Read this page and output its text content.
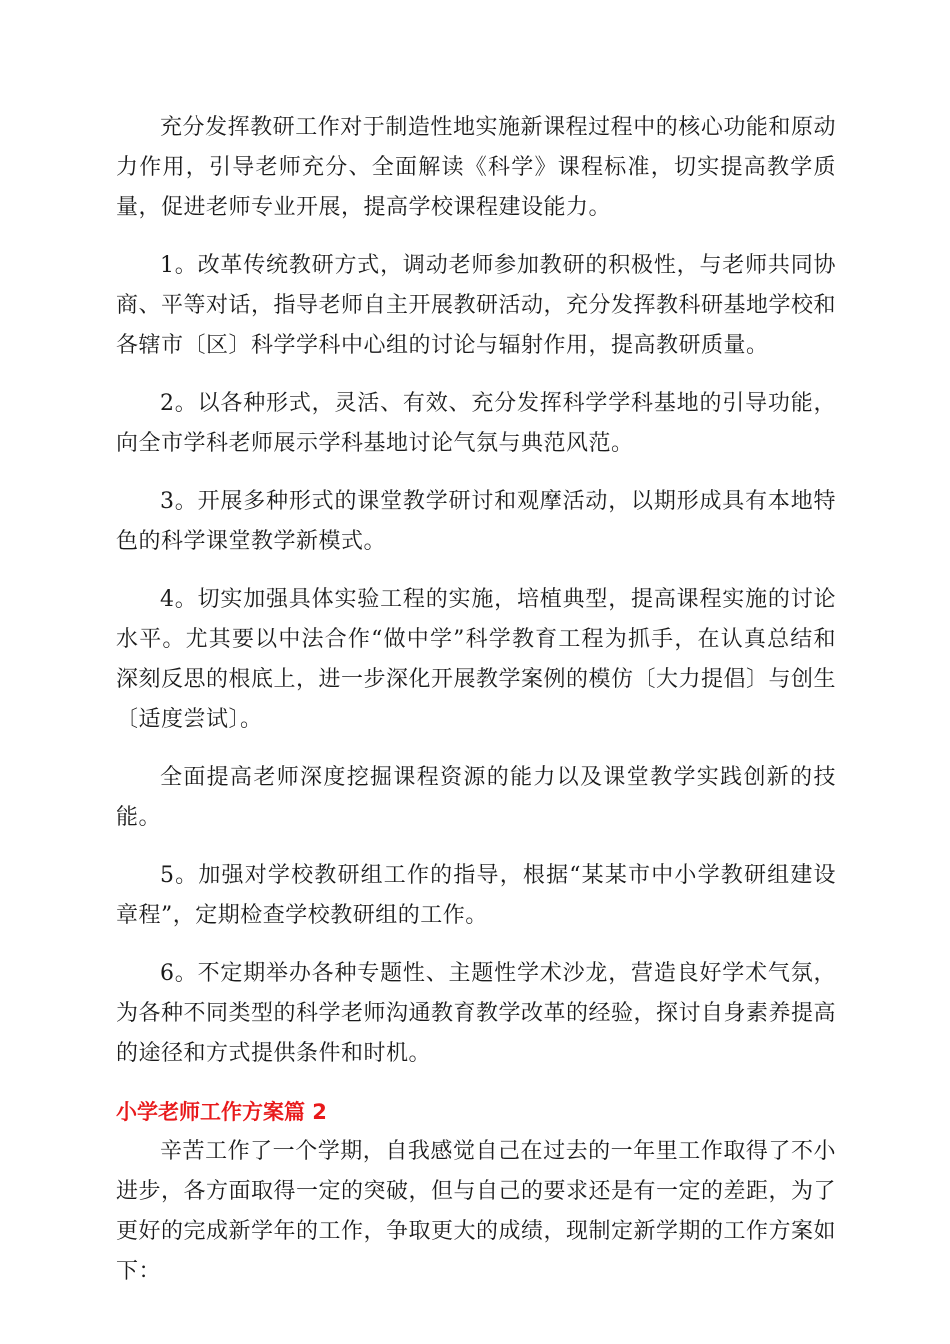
充分发挥教研工作对于制造性地实施新课程过程中的核心功能和原动力作用，引导老师充分、全面解读《科学》课程标准，切实提高教学质量，促进老师专业开展，提高学校课程建设能力。

1。改革传统教研方式，调动老师参加教研的积极性，与老师共同协商、平等对话，指导老师自主开展教研活动，充分发挥教科研基地学校和各辖市〔区〕科学学科中心组的讨论与辐射作用，提高教研质量。

2。以各种形式，灵活、有效、充分发挥科学学科基地的引导功能，向全市学科老师展示学科基地讨论气氛与典范风范。

3。开展多种形式的课堂教学研讨和观摩活动，以期形成具有本地特色的科学课堂教学新模式。

4。切实加强具体实验工程的实施，培植典型，提高课程实施的讨论水平。尤其要以中法合作“做中学”科学教育工程为抓手，在认真总结和深刻反思的根底上，进一步深化开展教学案例的模仿〔大力提倡〕与创生〔适度尝试〕。

全面提高老师深度挖掘课程资源的能力以及课堂教学实践创新的技能。

5。加强对学校教研组工作的指导，根据“某某市中小学教研组建设章程”，定期检查学校教研组的工作。

6。不定期举办各种专题性、主题性学术沙龙，营造良好学术气氛，为各种不同类型的科学老师沟通教育教学改革的经验，探讨自身素养提高的途径和方式提供条件和时机。

小学老师工作方案篇 2

辛苦工作了一个学期，自我感觉自己在过去的一年里工作取得了不小进步，各方面取得一定的突破，但与自己的要求还是有一定的差距，为了更好的完成新学年的工作，争取更大的成绩，现制定新学期的工作方案如下：
